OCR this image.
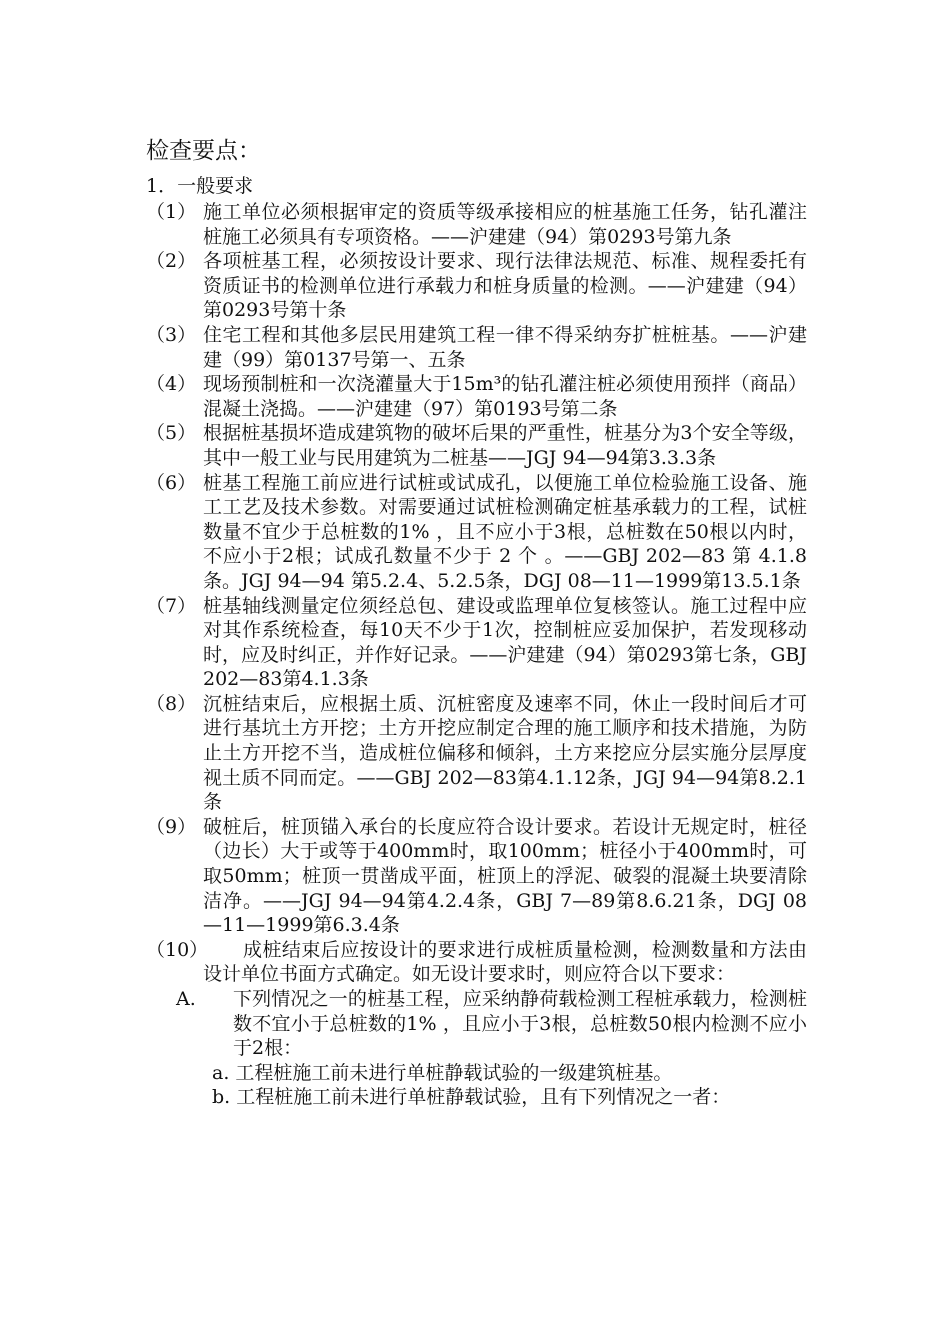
检查要点：
1．一般要求
（1） 施工单位必须根据审定的资质等级承接相应的桩基施工任务，钻孔灌注桩施工必须具有专项资格。——沪建建（94）第0293号第九条
（2） 各项桩基工程，必须按设计要求、现行法律法规范、标准、规程委托有资质证书的检测单位进行承载力和桩身质量的检测。——沪建建（94）第0293号第十条
（3） 住宅工程和其他多层民用建筑工程一律不得采纳夯扩桩桩基。——沪建建（99）第0137号第一、五条
（4） 现场预制桩和一次浇灌量大于15m³的钻孔灌注桩必须使用预拌（商品）混凝土浇捣。——沪建建（97）第0193号第二条
（5） 根据桩基损坏造成建筑物的破坏后果的严重性，桩基分为3个安全等级，其中一般工业与民用建筑为二桩基——JGJ 94—94第3.3.3条
（6） 桩基工程施工前应进行试桩或试成孔，以便施工单位检验施工设备、施工工艺及技术参数。对需要通过试桩检测确定桩基承载力的工程，试桩数量不宜少于总桩数的1% ，且不应小于3根，总桩数在50根以内时，不应小于2根；试成孔数量不少于 2 个 。——GBJ 202—83 第 4.1.8 条。JGJ 94—94 第5.2.4、5.2.5条，DGJ 08—11—1999第13.5.1条
（7） 桩基轴线测量定位须经总包、建设或监理单位复核签认。施工过程中应对其作系统检查，每10天不少于1次，控制桩应妥加保护，若发现移动时，应及时纠正，并作好记录。——沪建建（94）第0293第七条，GBJ 202—83第4.1.3条
（8） 沉桩结束后，应根据土质、沉桩密度及速率不同，休止一段时间后才可进行基坑土方开挖；土方开挖应制定合理的施工顺序和技术措施，为防止土方开挖不当，造成桩位偏移和倾斜，土方来挖应分层实施分层厚度视土质不同而定。——GBJ 202—83第4.1.12条，JGJ 94—94第8.2.1条
（9） 破桩后，桩顶锚入承台的长度应符合设计要求。若设计无规定时，桩径（边长）大于或等于400mm时，取100mm；桩径小于400mm时，可取50mm；桩顶一贯凿成平面，桩顶上的浮泥、破裂的混凝土块要清除洁净。——JGJ 94—94第4.2.4条，GBJ 7—89第8.6.21条，DGJ 08—11—1999第6.3.4条
（10）	成桩结束后应按设计的要求进行成桩质量检测，检测数量和方法由设计单位书面方式确定。如无设计要求时，则应符合以下要求：
A. 下列情况之一的桩基工程，应采纳静荷载检测工程桩承载力，检测桩数不宜小于总桩数的1% ，且应小于3根，总桩数50根内检测不应小于2根：
a. 工程桩施工前未进行单桩静载试验的一级建筑桩基。
b. 工程桩施工前未进行单桩静载试验，且有下列情况之一者：
